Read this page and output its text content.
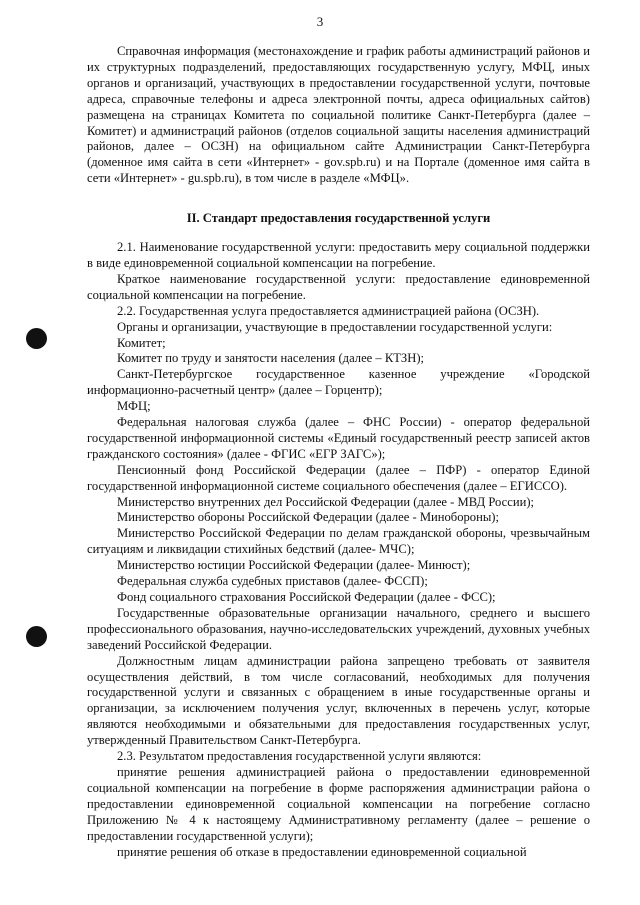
3

Справочная информация (местонахождение и график работы администраций районов и их структурных подразделений, предоставляющих государственную услугу, МФЦ, иных органов и организаций, участвующих в предоставлении государственной услуги, почтовые адреса, справочные телефоны и адреса электронной почты, адреса официальных сайтов) размещена на страницах Комитета по социальной политике Санкт-Петербурга (далее – Комитет) и администраций районов (отделов социальной защиты населения администраций районов, далее – ОСЗН) на официальном сайте Администрации Санкт-Петербурга (доменное имя сайта в сети «Интернет» - gov.spb.ru) и на Портале (доменное имя сайта в сети «Интернет» - gu.spb.ru), в том числе в разделе «МФЦ».

II. Стандарт предоставления государственной услуги

2.1. Наименование государственной услуги: предоставить меру социальной поддержки в виде единовременной социальной компенсации на погребение.

Краткое наименование государственной услуги: предоставление единовременной социальной компенсации на погребение.

2.2. Государственная услуга предоставляется администрацией района (ОСЗН).

Органы и организации, участвующие в предоставлении государственной услуги:

Комитет;

Комитет по труду и занятости населения (далее – КТЗН);

Санкт-Петербургское государственное казенное учреждение «Городской информационно-расчетный центр» (далее – Горцентр);

МФЦ;

Федеральная налоговая служба (далее – ФНС России) - оператор федеральной государственной информационной системы «Единый государственный реестр записей актов гражданского состояния» (далее - ФГИС «ЕГР ЗАГС»);

Пенсионный фонд Российской Федерации (далее – ПФР) - оператор Единой государственной информационной системе социального обеспечения (далее – ЕГИССО).

Министерство внутренних дел Российской Федерации (далее - МВД России);

Министерство обороны Российской Федерации (далее - Минобороны);

Министерство Российской Федерации по делам гражданской обороны, чрезвычайным ситуациям и ликвидации стихийных бедствий (далее- МЧС);

Министерство юстиции Российской Федерации (далее- Минюст);

Федеральная служба судебных приставов (далее- ФССП);

Фонд социального страхования Российской Федерации (далее - ФСС);

Государственные образовательные организации начального, среднего и высшего профессионального образования, научно-исследовательских учреждений, духовных учебных заведений Российской Федерации.

Должностным лицам администрации района запрещено требовать от заявителя осуществления действий, в том числе согласований, необходимых для получения государственной услуги и связанных с обращением в иные государственные органы и организации, за исключением получения услуг, включенных в перечень услуг, которые являются необходимыми и обязательными для предоставления государственных услуг, утвержденный Правительством Санкт-Петербурга.

2.3. Результатом предоставления государственной услуги являются:

принятие решения администрацией района о предоставлении единовременной социальной компенсации на погребение в форме распоряжения администрации района о предоставлении единовременной социальной компенсации на погребение согласно Приложению № 4 к настоящему Административному регламенту (далее – решение о предоставлении государственной услуги);

принятие решения об отказе в предоставлении единовременной социальной
